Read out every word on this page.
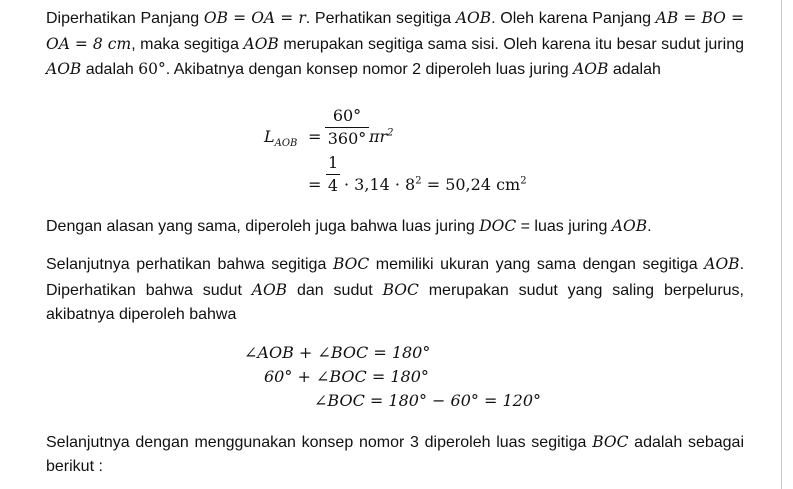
Diperhatikan Panjang OB = OA = r. Perhatikan segitiga AOB. Oleh karena Panjang AB = BO = OA = 8 cm, maka segitiga AOB merupakan segitiga sama sisi. Oleh karena itu besar sudut juring AOB adalah 60°. Akibatnya dengan konsep nomor 2 diperoleh luas juring AOB adalah

$L_{AOB} = \frac{60^\circ}{360^\circ} \pi r^2$
= $\frac{1}{4} \cdot 3,14 \cdot 8^2 = 50,24$ $cm^2$

Dengan alasan yang sama, diperoleh juga bahwa luas juring DOC = luas juring AOB.

Selanjutnya perhatikan bahwa segitiga BOC memiliki ukuran yang sama dengan segitiga AOB. Diperhatikan bahwa sudut AOB dan sudut BOC merupakan sudut yang saling berpelurus, akibatnya diperoleh bahwa

∠AOB + ∠BOC = 180°
60° + ∠BOC = 180°
∠BOC = 180° − 60° = 120°

Selanjutnya dengan menggunakan konsep nomor 3 diperoleh luas segitiga BOC adalah sebagai berikut :
